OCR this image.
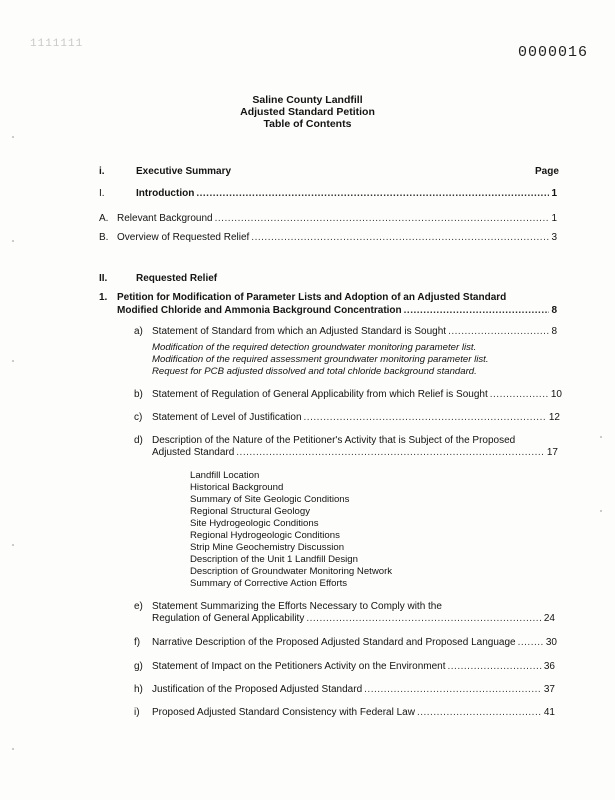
1111111	0000016
Saline County Landfill
Adjusted Standard Petition
Table of Contents
i.	Executive Summary	Page
I.	Introduction .....	1
A. Relevant Background .....	1
B. Overview of Requested Relief .....	3
II.	Requested Relief
1. Petition for Modification of Parameter Lists and Adoption of an Adjusted Standard
Modified Chloride and Ammonia Background Concentration .....	8
a) Statement of Standard from which an Adjusted Standard is Sought .....	8
Modification of the required detection groundwater monitoring parameter list.
Modification of the required assessment groundwater monitoring parameter list.
Request for PCB adjusted dissolved and total chloride background standard.
b) Statement of Regulation of General Applicability from which Relief is Sought .....	10
c) Statement of Level of Justification .....	12
d) Description of the Nature of the Petitioner's Activity that is Subject of the Proposed
Adjusted Standard .....	17
Landfill Location
Historical Background
Summary of Site Geologic Conditions
Regional Structural Geology
Site Hydrogeologic Conditions
Regional Hydrogeologic Conditions
Strip Mine Geochemistry Discussion
Description of the Unit 1 Landfill Design
Description of Groundwater Monitoring Network
Summary of Corrective Action Efforts
e) Statement Summarizing the Efforts Necessary to Comply with the
Regulation of General Applicability .....	24
f) Narrative Description of the Proposed Adjusted Standard and Proposed Language .....	30
g) Statement of Impact on the Petitioners Activity on the Environment .....	36
h) Justification of the Proposed Adjusted Standard .....	37
i) Proposed Adjusted Standard Consistency with Federal Law .....	41
